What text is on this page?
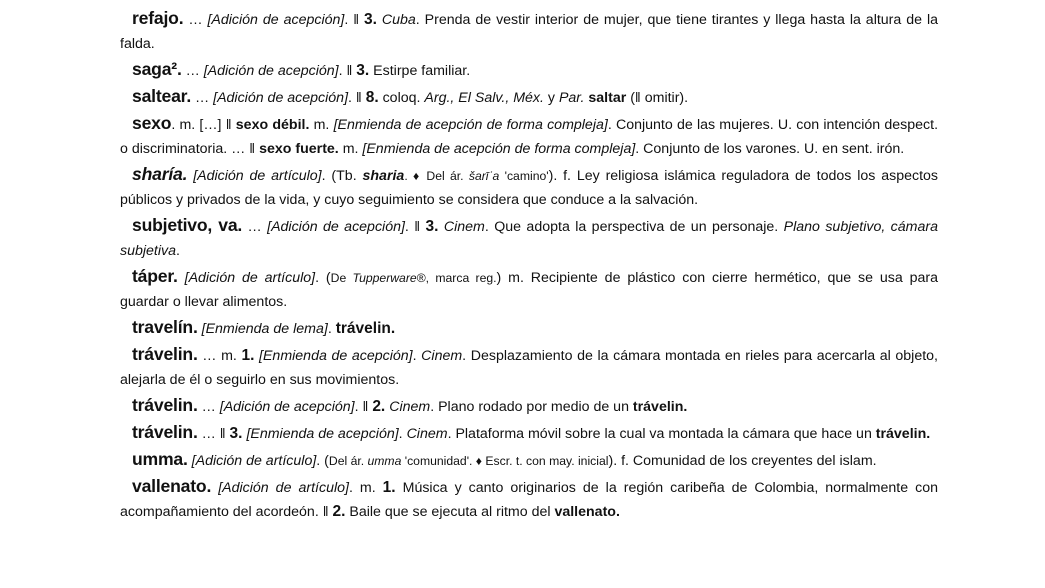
refajo. … [Adición de acepción]. ‖ 3. Cuba. Prenda de vestir interior de mujer, que tiene tirantes y llega hasta la altura de la falda.
saga². … [Adición de acepción]. ‖ 3. Estirpe familiar.
saltear. … [Adición de acepción]. ‖ 8. coloq. Arg., El Salv., Méx. y Par. saltar (‖ omitir).
sexo. m. […] ‖ sexo débil. m. [Enmienda de acepción de forma compleja]. Conjunto de las mujeres. U. con intención despect. o discriminatoria. … ‖ sexo fuerte. m. [Enmienda de acepción de forma compleja]. Conjunto de los varones. U. en sent. irón.
sharía. [Adición de artículo]. (Tb. sharia. ♦ Del ár. šarīʿa 'camino'). f. Ley religiosa islámica reguladora de todos los aspectos públicos y privados de la vida, y cuyo seguimiento se considera que conduce a la salvación.
subjetivo, va. … [Adición de acepción]. ‖ 3. Cinem. Que adopta la perspectiva de un personaje. Plano subjetivo, cámara subjetiva.
táper. [Adición de artículo]. (De Tupperware®, marca reg.) m. Recipiente de plástico con cierre hermético, que se usa para guardar o llevar alimentos.
travelín. [Enmienda de lema]. trávelin.
trávelin. … m. 1. [Enmienda de acepción]. Cinem. Desplazamiento de la cámara montada en rieles para acercarla al objeto, alejarla de él o seguirlo en sus movimientos.
trávelin. … [Adición de acepción]. ‖ 2. Cinem. Plano rodado por medio de un trávelin.
trávelin. … ‖ 3. [Enmienda de acepción]. Cinem. Plataforma móvil sobre la cual va montada la cámara que hace un trávelin.
umma. [Adición de artículo]. (Del ár. umma 'comunidad'. ♦ Escr. t. con may. inicial). f. Comunidad de los creyentes del islam.
vallenato. [Adición de artículo]. m. 1. Música y canto originarios de la región caribeña de Colombia, normalmente con acompañamiento del acordeón. ‖ 2. Baile que se ejecuta al ritmo del vallenato.
